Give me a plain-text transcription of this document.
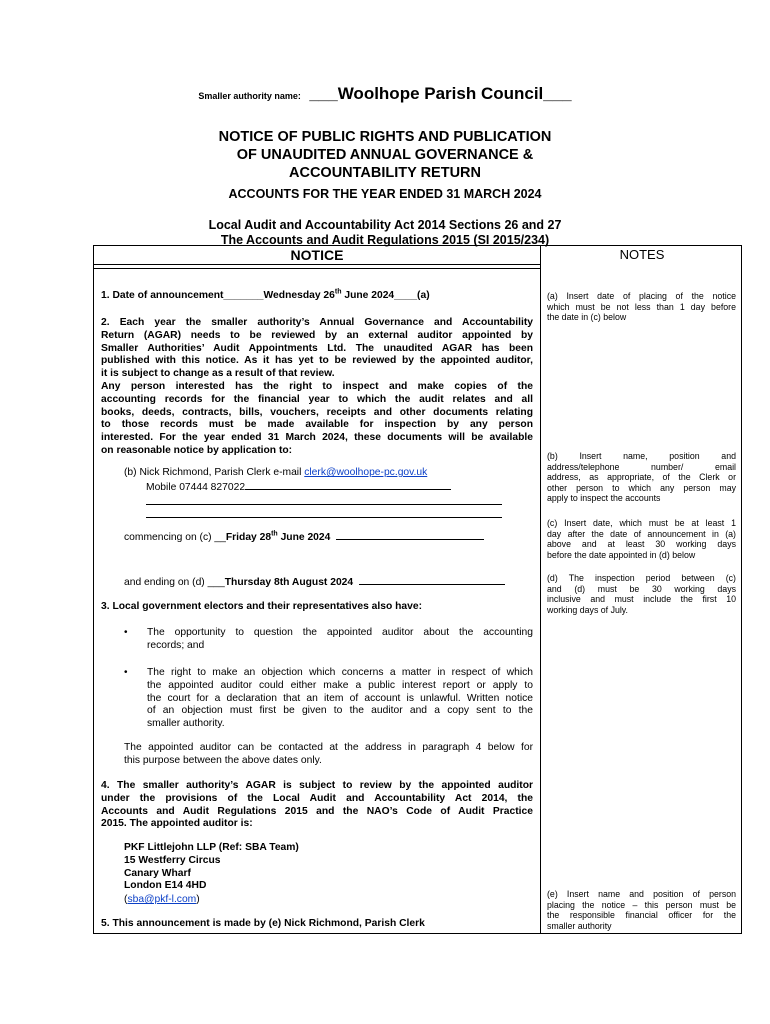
Smaller authority name: ___Woolhope Parish Council___
NOTICE OF PUBLIC RIGHTS AND PUBLICATION
OF UNAUDITED ANNUAL GOVERNANCE &
ACCOUNTABILITY RETURN
ACCOUNTS FOR THE YEAR ENDED 31 MARCH 2024
Local Audit and Accountability Act 2014 Sections 26 and 27
The Accounts and Audit Regulations 2015 (SI 2015/234)
NOTICE	NOTES
1. Date of announcement_______Wednesday 26th June 2024____(a)
2. Each year the smaller authority’s Annual Governance and Accountability
Return (AGAR) needs to be reviewed by an external auditor appointed by
Smaller Authorities’ Audit Appointments Ltd. The unaudited AGAR has been
published with this notice. As it has yet to be reviewed by the appointed auditor,
it is subject to change as a result of that review.
Any person interested has the right to inspect and make copies of the
accounting records for the financial year to which the audit relates and all
books, deeds, contracts, bills, vouchers, receipts and other documents relating
to those records must be made available for inspection by any person
interested. For the year ended 31 March 2024, these documents will be available
on reasonable notice by application to:
(b) Nick Richmond, Parish Clerk e-mail clerk@woolhope-pc.gov.uk
Mobile 07444 827022
commencing on (c) __Friday 28th June 2024
and ending on (d) ___Thursday 8th August 2024
3. Local government electors and their representatives also have:
• The opportunity to question the appointed auditor about the accounting
records; and
• The right to make an objection which concerns a matter in respect of which
the appointed auditor could either make a public interest report or apply to
the court for a declaration that an item of account is unlawful. Written notice
of an objection must first be given to the auditor and a copy sent to the
smaller authority.
The appointed auditor can be contacted at the address in paragraph 4 below for
this purpose between the above dates only.
4. The smaller authority’s AGAR is subject to review by the appointed auditor
under the provisions of the Local Audit and Accountability Act 2014, the
Accounts and Audit Regulations 2015 and the NAO’s Code of Audit Practice
2015. The appointed auditor is:
PKF Littlejohn LLP (Ref: SBA Team)
15 Westferry Circus
Canary Wharf
London E14 4HD
(sba@pkf-l.com)
5. This announcement is made by (e) Nick Richmond, Parish Clerk
(a) Insert date of placing of the notice
which must be not less than 1 day before
the date in (c) below
(b)     Insert     name,     position     and
address/telephone     number/     email
address, as appropriate, of the Clerk or
other person to which any person may
apply to inspect the accounts
(c) Insert date, which must be at least 1
day after the date of announcement in (a)
above and at least 30 working days
before the date appointed in (d) below
(d) The inspection period between (c)
and (d) must be 30 working days
inclusive and must include the first 10
working days of July.
(e) Insert name and position of person
placing the notice – this person must be
the responsible financial officer for the
smaller authority
